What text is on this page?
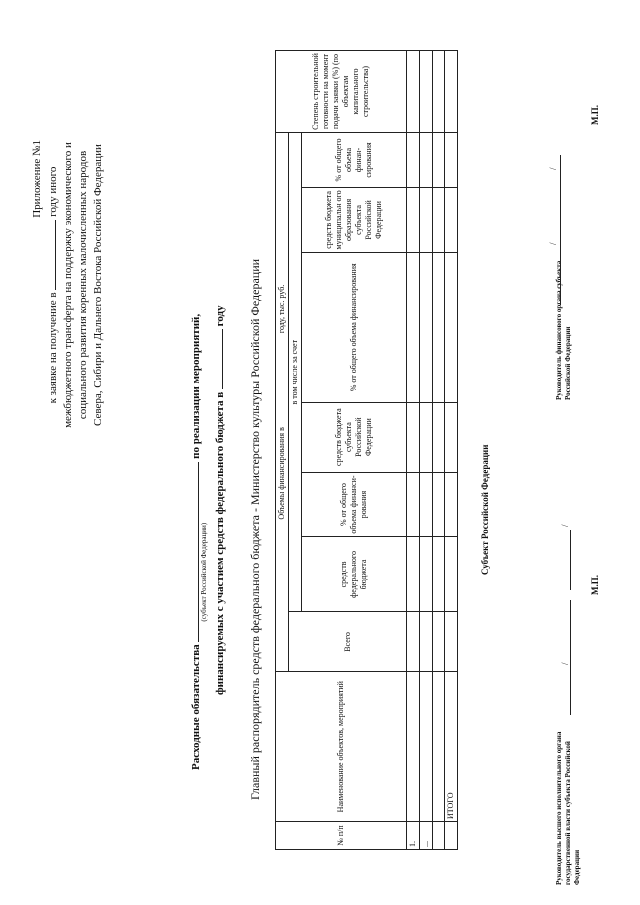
Приложение №1
к заявке на получение в  году иного межбюджетного трансферта на поддержку экономического и социального развития коренных малочисленных народов Севера, Сибири и Дальнего Востока Российской Федерации
Расходные обязательства
(субъект Российской Федерации)
по реализации мероприятий,
финансируемых с участием средств федерального бюджета в  году Главный распорядитель средств федерального бюджета - Министерство культуры Российской Федерации
№ п/п	Наименование объектов, мероприятий	Объемы финансирования в  году, тыс. руб.							Степень строительной готовности на момент подачи заявки (%) (по объектам капитального строительства)
		Всего	в том числе за счет						
			средств федерального бюджета	% от общего объема финанси- рования	средств бюджета субъекта Российской Федерации	% от общего объема финансирования	средств бюджета муниципальн ого образования субъекта Российской Федерации	% от общего объема финан- сирования	
1.									
...									

	ИТОГО								
Субъект Российской Федерации
Руководитель высшего исполнительного органа государственной власти субъекта Российской Федерации
/
/
Руководитель финансового органа субъекта Российской Федерации
/
/
М.П.
М.П.
